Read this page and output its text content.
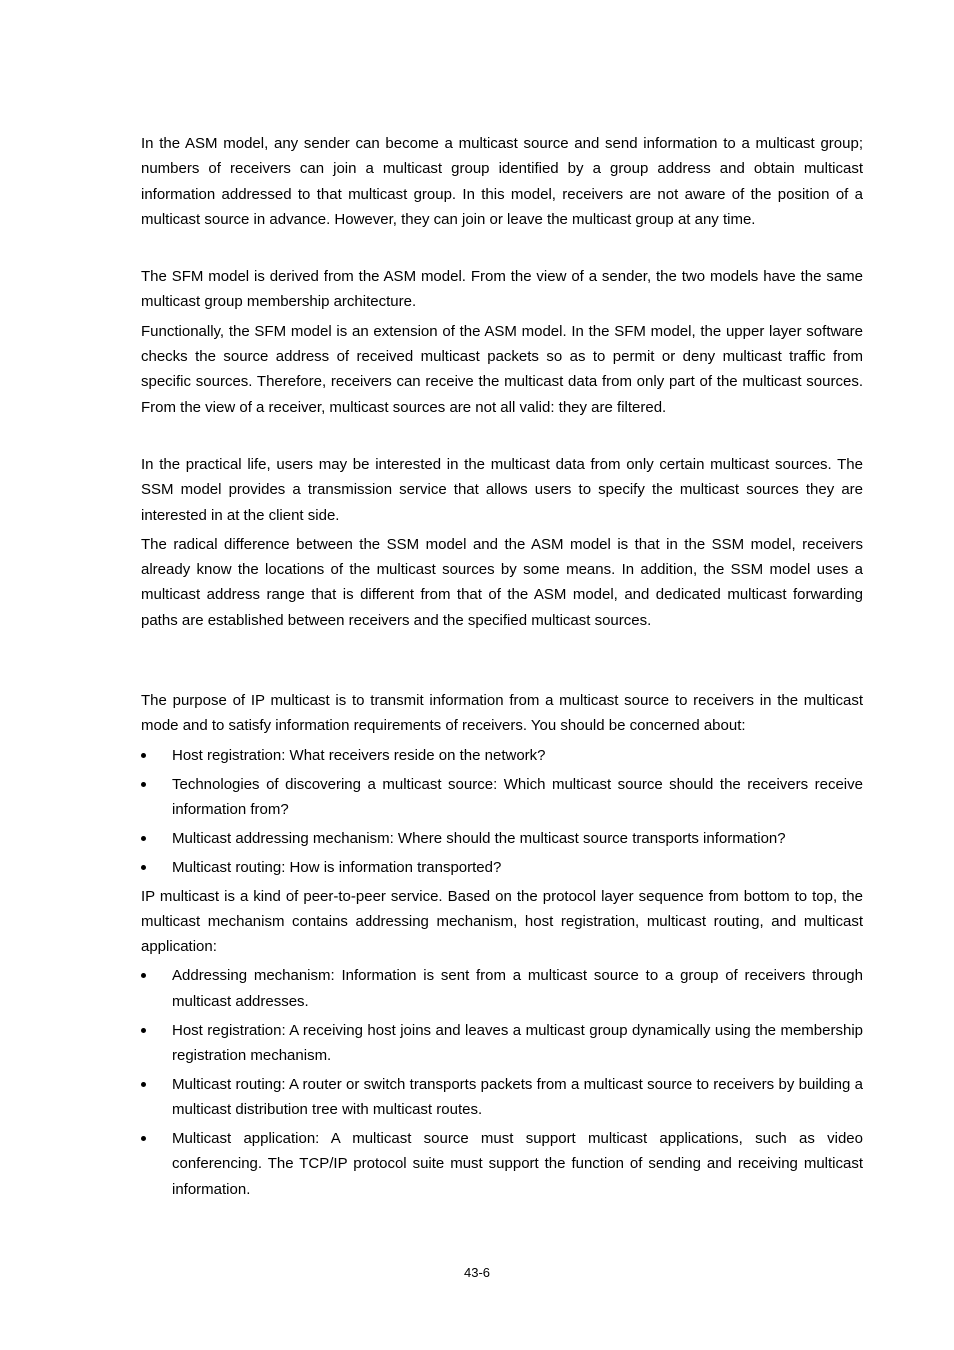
In the ASM model, any sender can become a multicast source and send information to a multicast group; numbers of receivers can join a multicast group identified by a group address and obtain multicast information addressed to that multicast group. In this model, receivers are not aware of the position of a multicast source in advance. However, they can join or leave the multicast group at any time.

The SFM model is derived from the ASM model. From the view of a sender, the two models have the same multicast group membership architecture.

Functionally, the SFM model is an extension of the ASM model. In the SFM model, the upper layer software checks the source address of received multicast packets so as to permit or deny multicast traffic from specific sources. Therefore, receivers can receive the multicast data from only part of the multicast sources. From the view of a receiver, multicast sources are not all valid: they are filtered.

In the practical life, users may be interested in the multicast data from only certain multicast sources. The SSM model provides a transmission service that allows users to specify the multicast sources they are interested in at the client side.

The radical difference between the SSM model and the ASM model is that in the SSM model, receivers already know the locations of the multicast sources by some means. In addition, the SSM model uses a multicast address range that is different from that of the ASM model, and dedicated multicast forwarding paths are established between receivers and the specified multicast sources.

The purpose of IP multicast is to transmit information from a multicast source to receivers in the multicast mode and to satisfy information requirements of receivers. You should be concerned about:

Host registration: What receivers reside on the network?
Technologies of discovering a multicast source: Which multicast source should the receivers receive information from?
Multicast addressing mechanism: Where should the multicast source transports information?
Multicast routing: How is information transported?

IP multicast is a kind of peer-to-peer service. Based on the protocol layer sequence from bottom to top, the multicast mechanism contains addressing mechanism, host registration, multicast routing, and multicast application:

Addressing mechanism: Information is sent from a multicast source to a group of receivers through multicast addresses.
Host registration: A receiving host joins and leaves a multicast group dynamically using the membership registration mechanism.
Multicast routing: A router or switch transports packets from a multicast source to receivers by building a multicast distribution tree with multicast routes.
Multicast application: A multicast source must support multicast applications, such as video conferencing. The TCP/IP protocol suite must support the function of sending and receiving multicast information.
43-6
